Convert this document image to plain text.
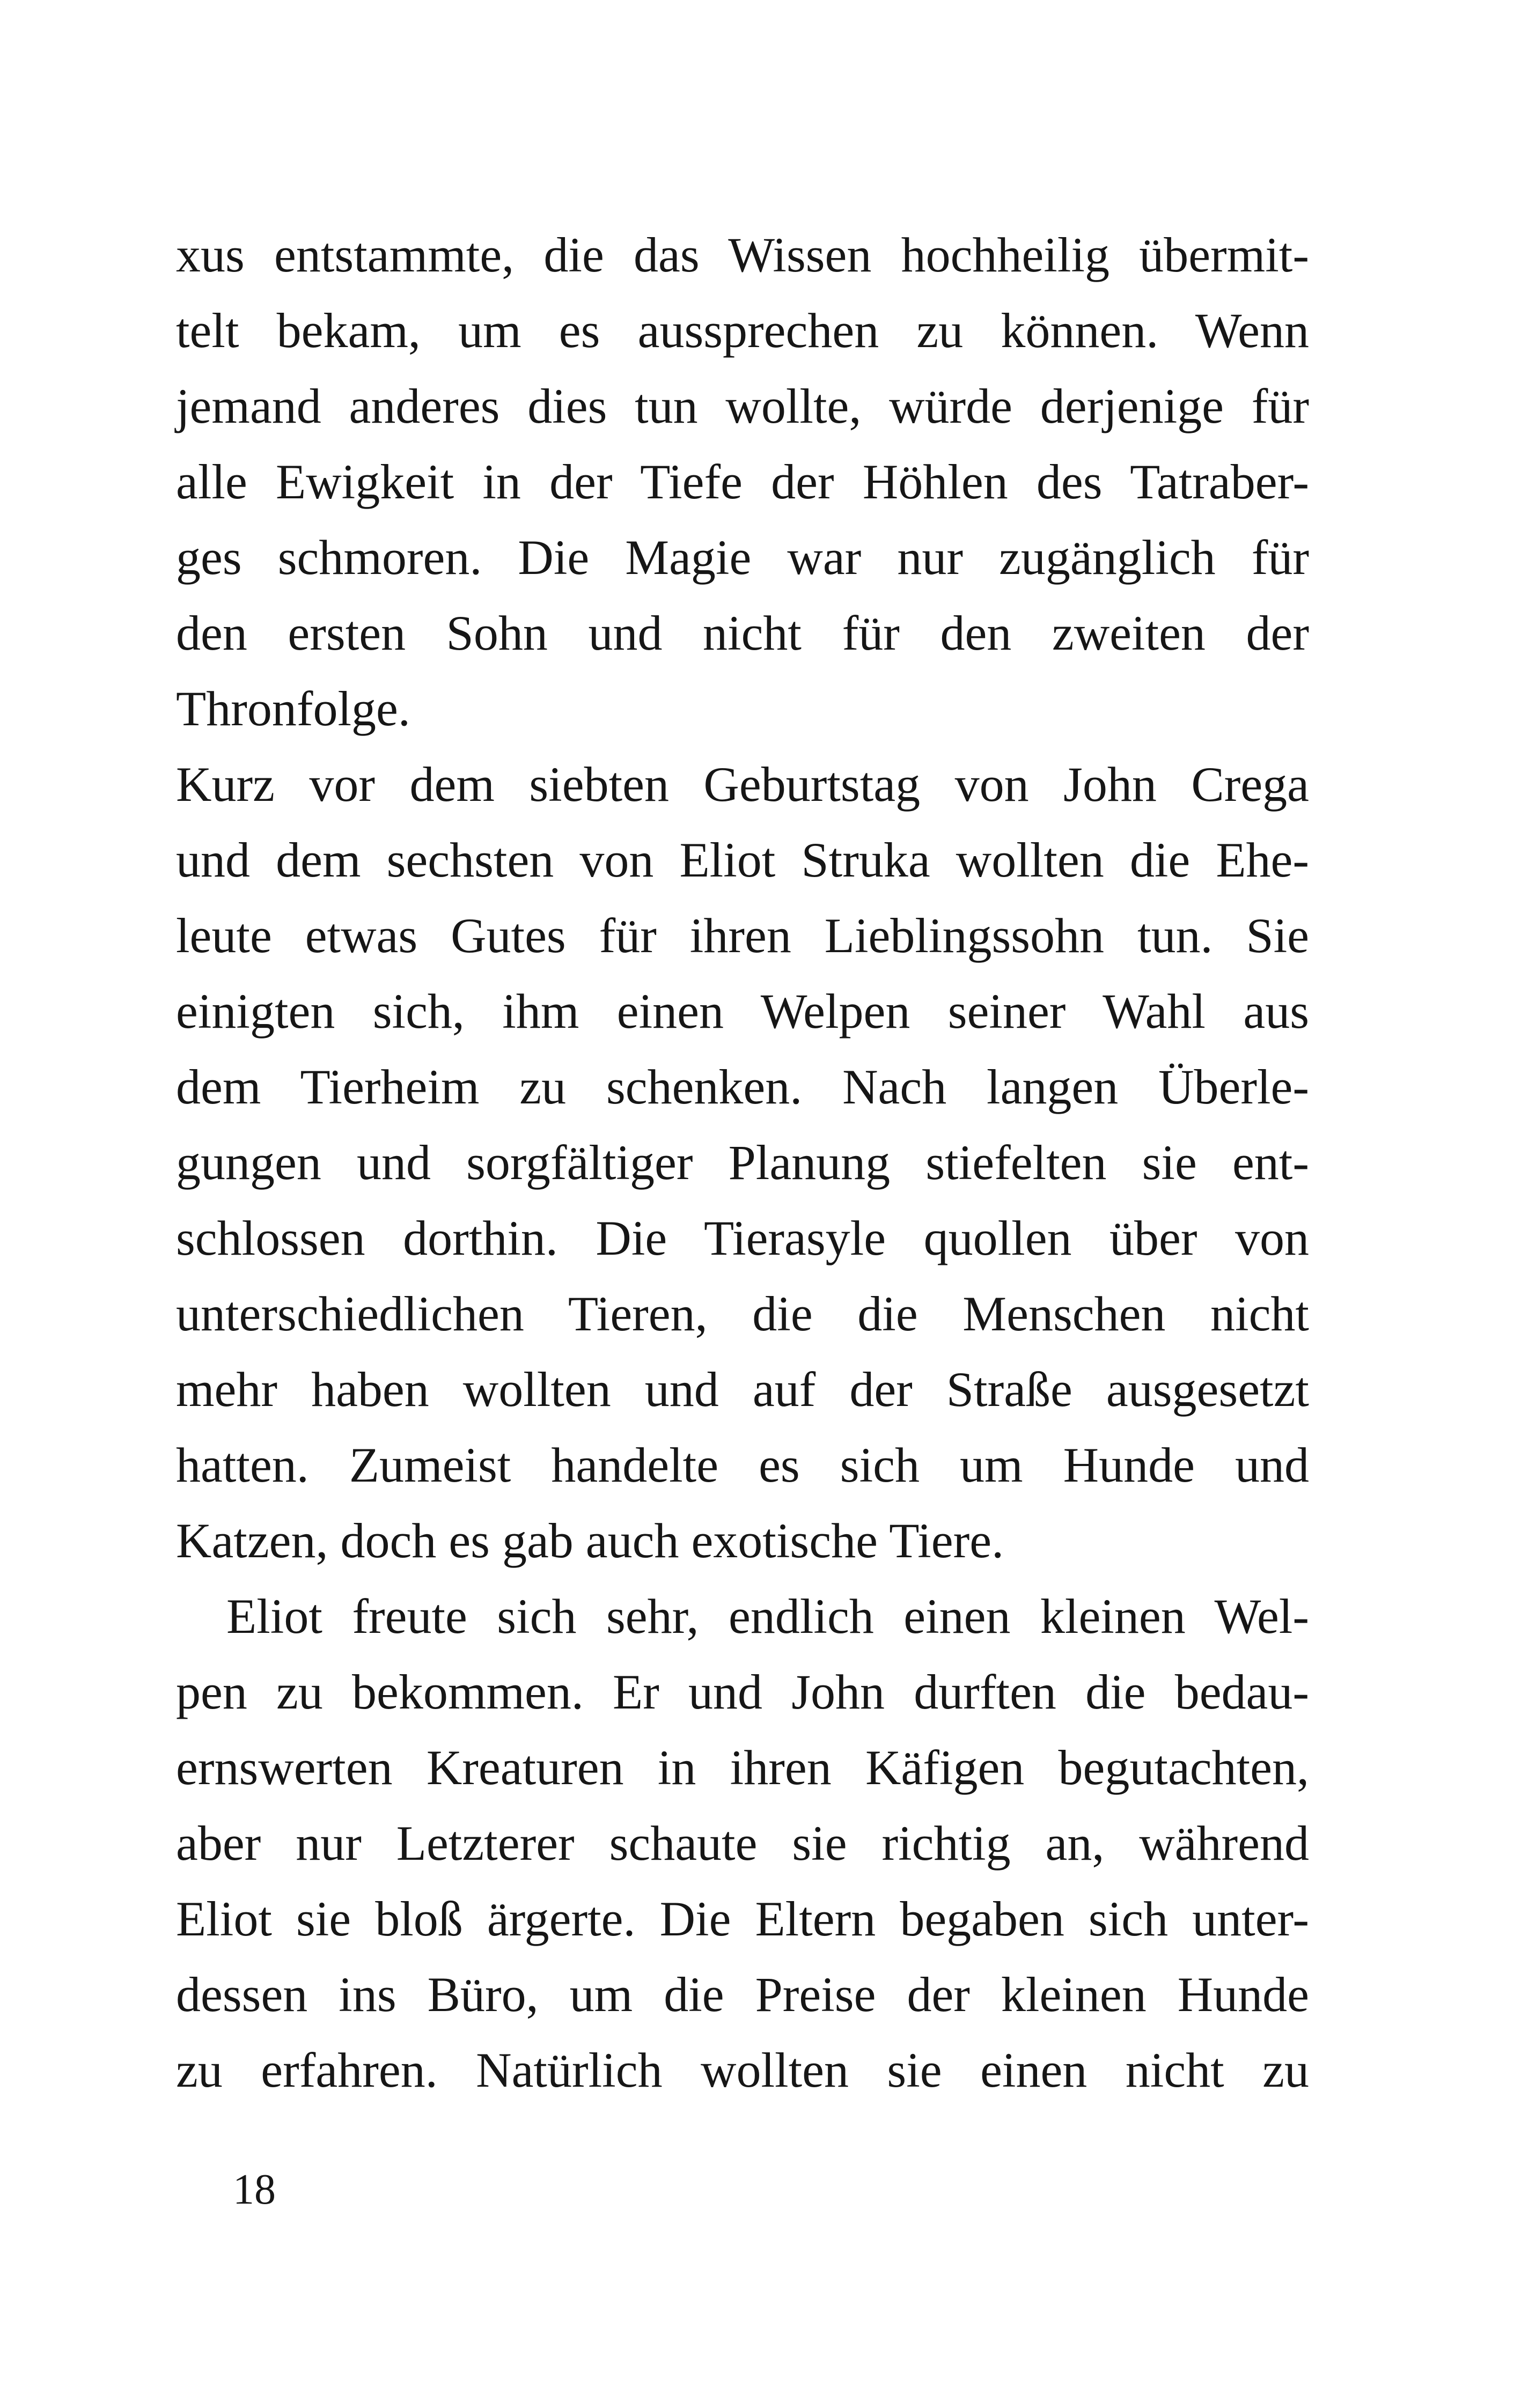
xus entstammte, die das Wissen hochheilig übermit-
telt bekam, um es aussprechen zu können. Wenn
jemand anderes dies tun wollte, würde derjenige für
alle Ewigkeit in der Tiefe der Höhlen des Tatraber-
ges schmoren. Die Magie war nur zugänglich für
den ersten Sohn und nicht für den zweiten der
Thronfolge.
Kurz vor dem siebten Geburtstag von John Crega
und dem sechsten von Eliot Struka wollten die Ehe-
leute etwas Gutes für ihren Lieblingssohn tun. Sie
einigten sich, ihm einen Welpen seiner Wahl aus
dem Tierheim zu schenken. Nach langen Überle-
gungen und sorgfältiger Planung stiefelten sie ent-
schlossen dorthin. Die Tierasyle quollen über von
unterschiedlichen Tieren, die die Menschen nicht
mehr haben wollten und auf der Straße ausgesetzt
hatten. Zumeist handelte es sich um Hunde und
Katzen, doch es gab auch exotische Tiere.
Eliot freute sich sehr, endlich einen kleinen Wel-
pen zu bekommen. Er und John durften die bedau-
ernswerten Kreaturen in ihren Käfigen begutachten,
aber nur Letzterer schaute sie richtig an, während
Eliot sie bloß ärgerte. Die Eltern begaben sich unter-
dessen ins Büro, um die Preise der kleinen Hunde
zu erfahren. Natürlich wollten sie einen nicht zu
18
